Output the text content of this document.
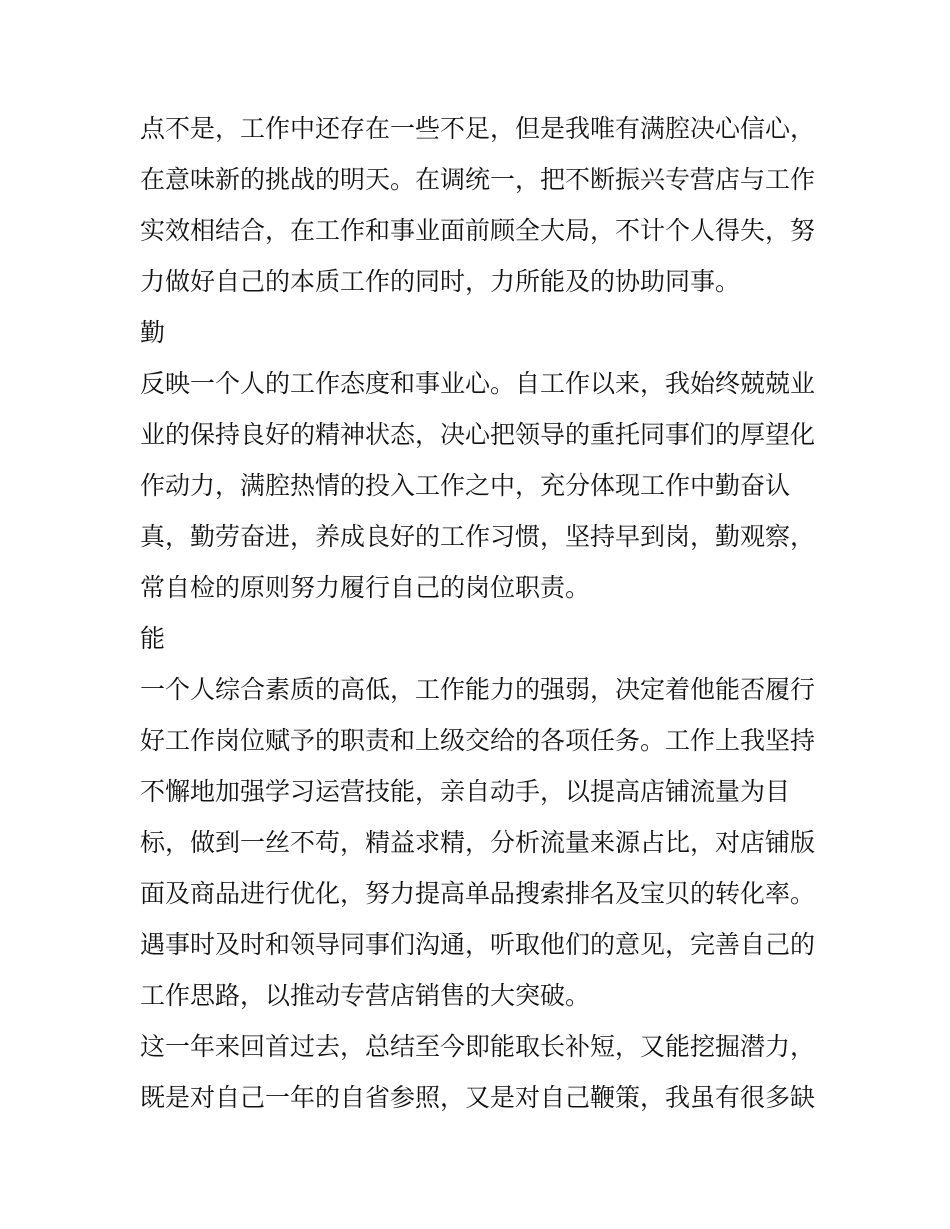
点不是，工作中还存在一些不足，但是我唯有满腔决心信心，
在意味新的挑战的明天。在调统一，把不断振兴专营店与工作
实效相结合，在工作和事业面前顾全大局，不计个人得失，努
力做好自己的本质工作的同时，力所能及的协助同事。
勤
反映一个人的工作态度和事业心。自工作以来，我始终兢兢业
业的保持良好的精神状态，决心把领导的重托同事们的厚望化
作动力，满腔热情的投入工作之中，充分体现工作中勤奋认
真，勤劳奋进，养成良好的工作习惯，坚持早到岗，勤观察，
常自检的原则努力履行自己的岗位职责。
能
一个人综合素质的高低，工作能力的强弱，决定着他能否履行
好工作岗位赋予的职责和上级交给的各项任务。工作上我坚持
不懈地加强学习运营技能，亲自动手，以提高店铺流量为目
标，做到一丝不苟，精益求精，分析流量来源占比，对店铺版
面及商品进行优化，努力提高单品搜索排名及宝贝的转化率。
遇事时及时和领导同事们沟通，听取他们的意见，完善自己的
工作思路，以推动专营店销售的大突破。
这一年来回首过去，总结至今即能取长补短，又能挖掘潜力，
既是对自己一年的自省参照，又是对自己鞭策，我虽有很多缺
